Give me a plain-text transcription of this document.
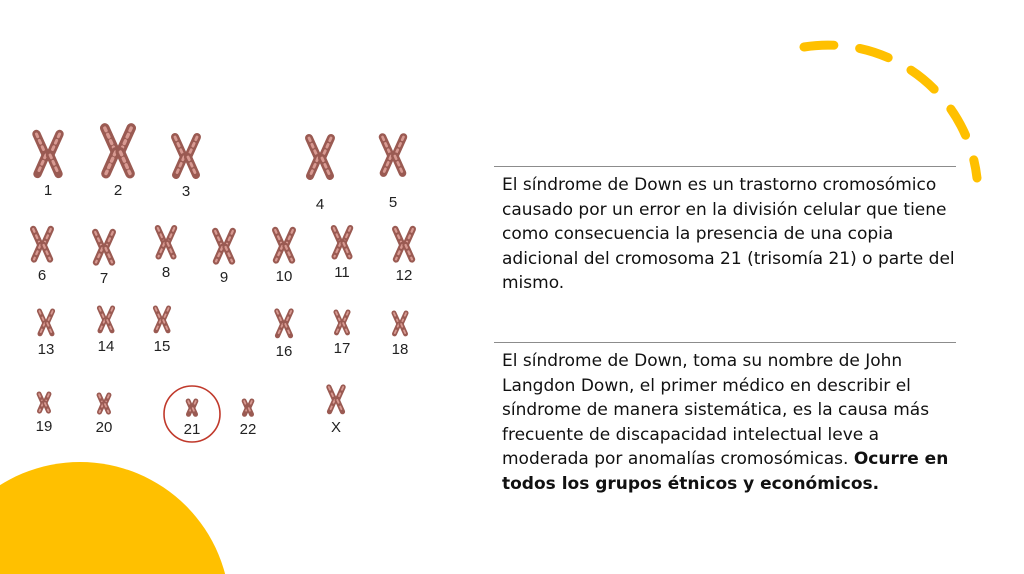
1	2	3
4	5
6	7	8	9	10	11	12
13	14	15	16	17	18
19	20	21	22	X
El síndrome de Down es un trastorno cromosómico causado por un error en la división celular que tiene como consecuencia la presencia de una copia adicional del cromosoma 21 (trisomía 21) o parte del mismo.
El síndrome de Down, toma su nombre de John Langdon Down, el primer médico en describir el síndrome de manera sistemática, es la causa más frecuente de discapacidad intelectual leve a moderada por anomalías cromosómicas. Ocurre en todos los grupos étnicos y económicos.
